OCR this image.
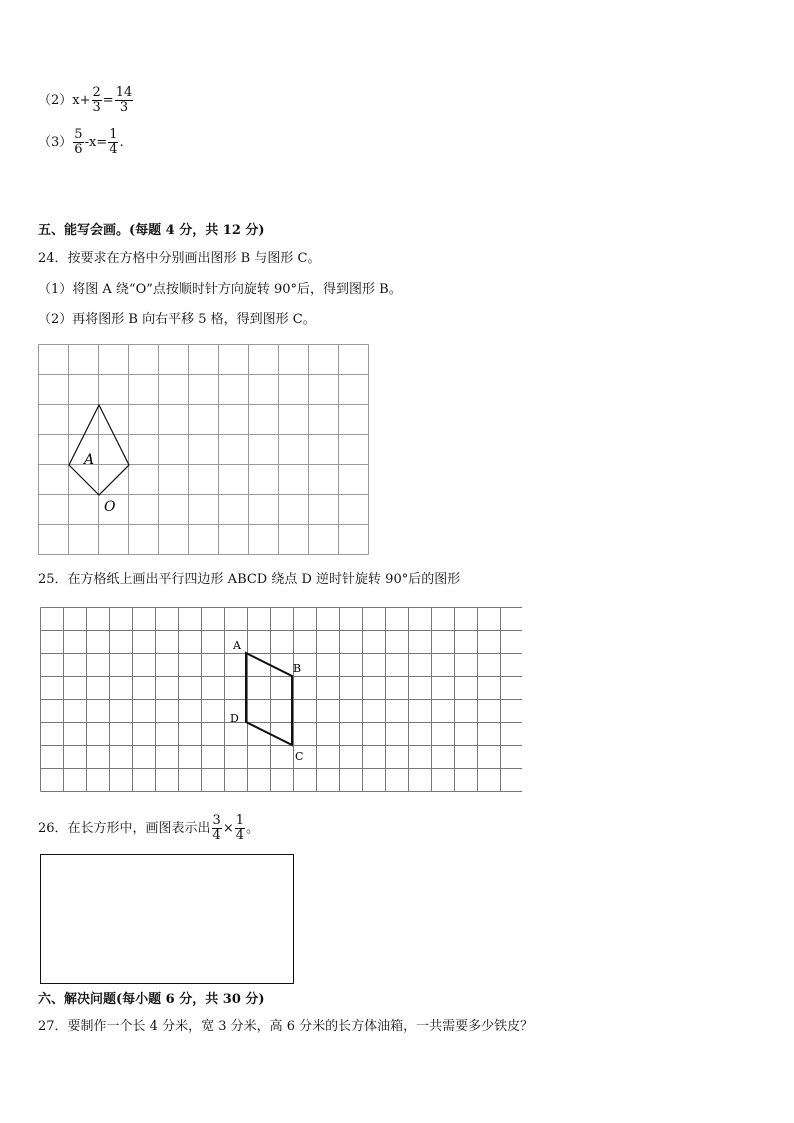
$(2)x+ \frac{2}{3} = \frac{14}{3}$
$(3) \frac{5}{6} -x= \frac{1}{4}$ .
五、能写会画。(每题 4 分，共 12 分)
24．按要求在方格中分别画出图形 B 与图形 C。
（1）将图 A 绕“O”点按顺时针方向旋转 90°后，得到图形 B。
（2）再将图形 B 向右平移 5 格，得到图形 C。
A
O
25．在方格纸上画出平行四边形 ABCD 绕点 D 逆时针旋转 90°后的图形
A
B
C
D
26．在长方形中，画图表示出 $\frac{3}{4} \times \frac{1}{4}$ 。
六、解决问题(每小题 6 分，共 30 分)
27．要制作一个长 4 分米，宽 3 分米，高 6 分米的长方体油箱，一共需要多少铁皮？
